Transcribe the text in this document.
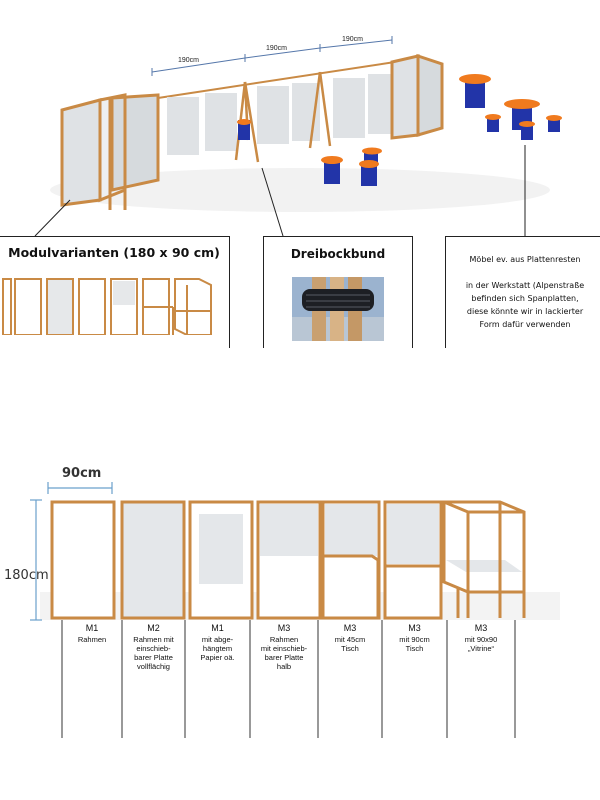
190cm
190cm
190cm
Modulvarianten (180 x 90 cm)	Dreibockbund	Möbel ev. aus Plattenresten

in der Werkstatt (Alpenstraße
befinden sich Spanplatten,
diese könnte wir in lackierter
Form dafür verwenden
90cm
180cm
M1
Rahmen
M2
Rahmen mit
einschieb-
barer Platte
vollflächig
M1
mit abge-
hängtem
Papier oä.
M3
Rahmen
mit einschieb-
barer Platte
halb
M3
mit 45cm
Tisch
M3
mit 90cm
Tisch
M3
mit 90x90
„Vitrine“
